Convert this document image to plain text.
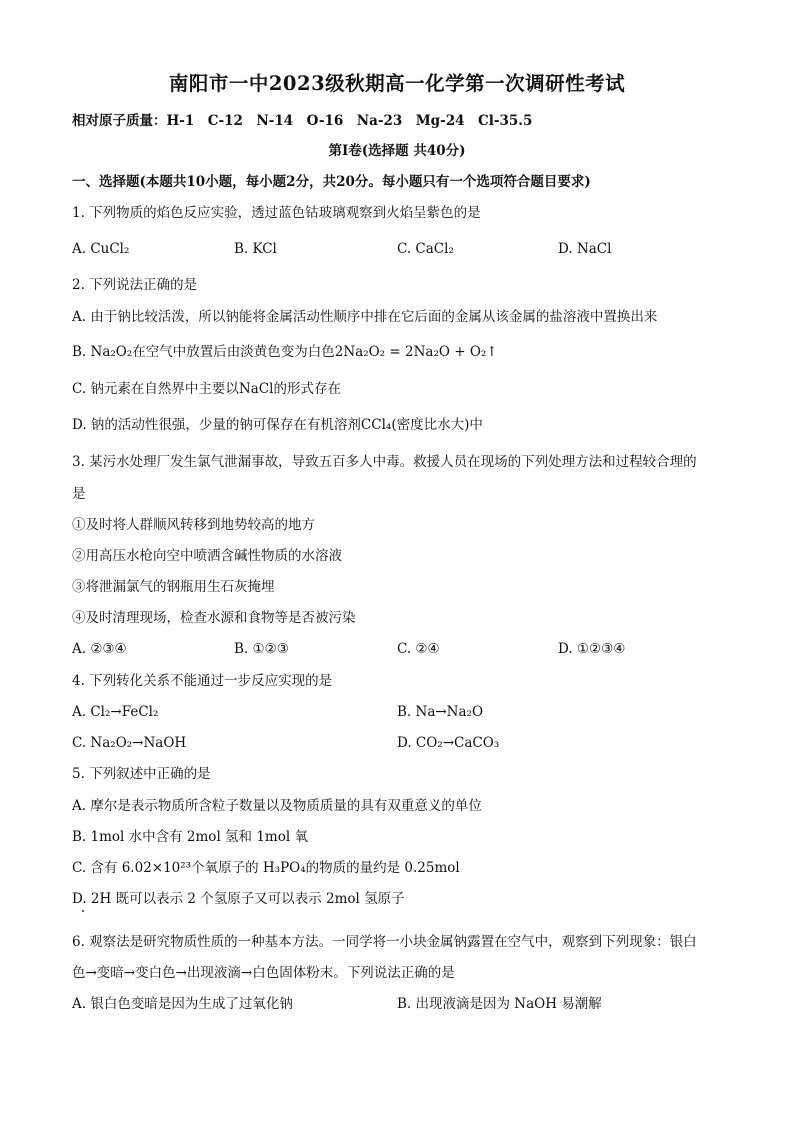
南阳市一中2023级秋期高一化学第一次调研性考试
相对原子质量：H-1　C-12　N-14　O-16　Na-23　Mg-24　Cl-35.5
第Ⅰ卷(选择题 共40分)
一、选择题(本题共10小题，每小题2分，共20分。每小题只有一个选项符合题目要求)
1. 下列物质的焰色反应实验，透过蓝色钴玻璃观察到火焰呈紫色的是
A. CuCl₂	B. KCl	C. CaCl₂	D. NaCl
2. 下列说法正确的是
A. 由于钠比较活泼，所以钠能将金属活动性顺序中排在它后面的金属从该金属的盐溶液中置换出来
B. Na₂O₂在空气中放置后由淡黄色变为白色2Na₂O₂ = 2Na₂O + O₂↑
C. 钠元素在自然界中主要以NaCl的形式存在
D. 钠的活动性很强，少量的钠可保存在有机溶剂CCl₄(密度比水大)中
3. 某污水处理厂发生氯气泄漏事故，导致五百多人中毒。救援人员在现场的下列处理方法和过程较合理的
是
①及时将人群顺风转移到地势较高的地方
②用高压水枪向空中喷洒含碱性物质的水溶液
③将泄漏氯气的钢瓶用生石灰掩埋
④及时清理现场，检查水源和食物等是否被污染
A. ②③④	B. ①②③	C. ②④	D. ①②③④
4. 下列转化关系不能通过一步反应实现的是
A. Cl₂→FeCl₂	B. Na→Na₂O
C. Na₂O₂→NaOH	D. CO₂→CaCO₃
5. 下列叙述中正确的是
A. 摩尔是表示物质所含粒子数量以及物质质量的具有双重意义的单位
B. 1mol 水中含有 2mol 氢和 1mol 氧
C. 含有 6.02×10²³个氧原子的 H₃PO₄的物质的量约是 0.25mol
D. 2H 既可以表示 2 个氢原子又可以表示 2mol 氢原子
6. 观察法是研究物质性质的一种基本方法。一同学将一小块金属钠露置在空气中，观察到下列现象：银白
色→变暗→变白色→出现液滴→白色固体粉末。下列说法正确的是
A. 银白色变暗是因为生成了过氧化钠	B. 出现液滴是因为 NaOH 易潮解
